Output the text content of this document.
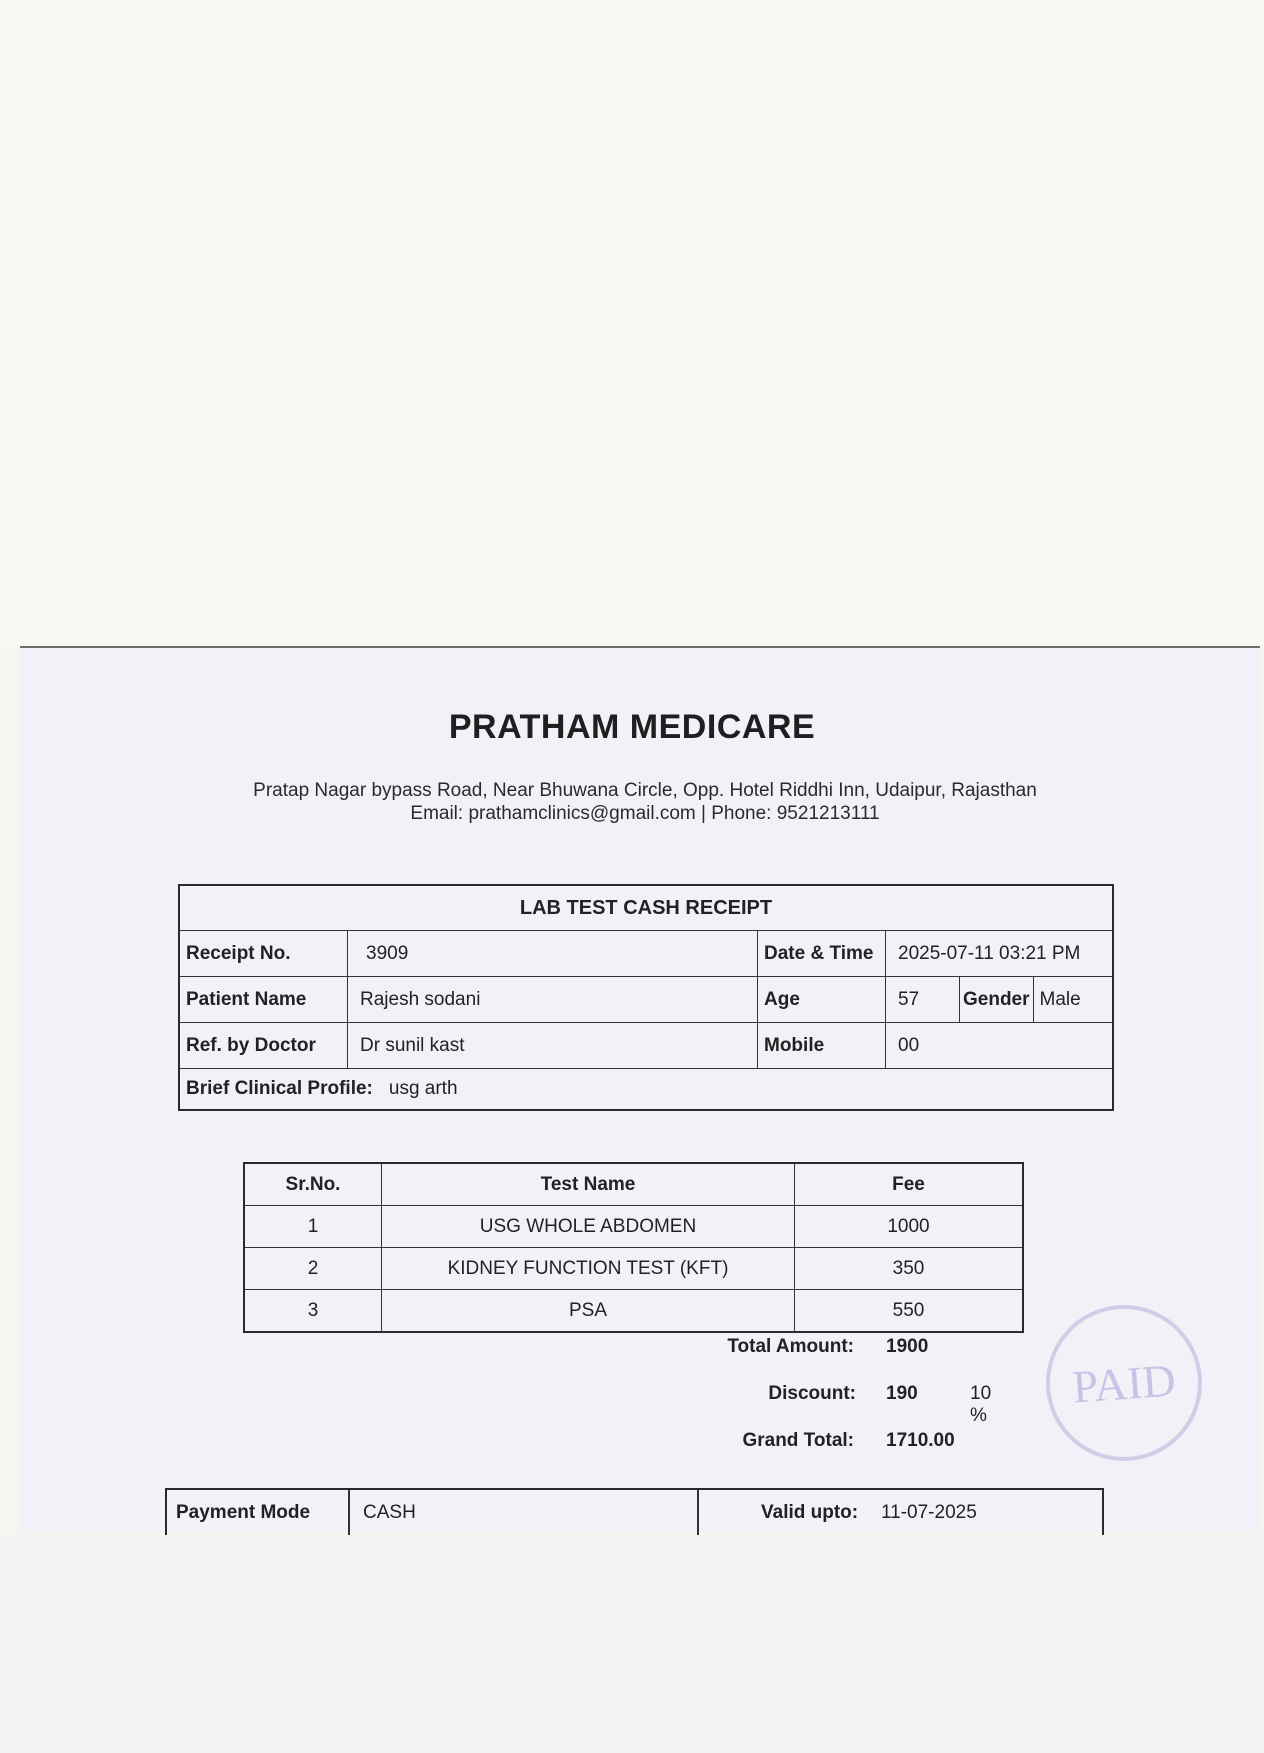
PRATHAM MEDICARE
Pratap Nagar bypass Road, Near Bhuwana Circle, Opp. Hotel Riddhi Inn, Udaipur, Rajasthan
Email: prathamclinics@gmail.com | Phone: 9521213111
LAB TEST CASH RECEIPT					
Receipt No.	3909	Date & Time	2025-07-11 03:21 PM		
Patient Name	Rajesh sodani	Age	57	Gender	Male
Ref. by Doctor	Dr sunil kast	Mobile	00		
Brief Clinical Profile: usg arth					
Sr.No.	Test Name	Fee
1	USG WHOLE ABDOMEN	1000
2	KIDNEY FUNCTION TEST (KFT)	350
3	PSA	550
Total Amount: 1900
Discount: 190	10 %
Grand Total: 1710.00
PAID
Payment Mode	CASH	Valid upto: 11-07-2025
